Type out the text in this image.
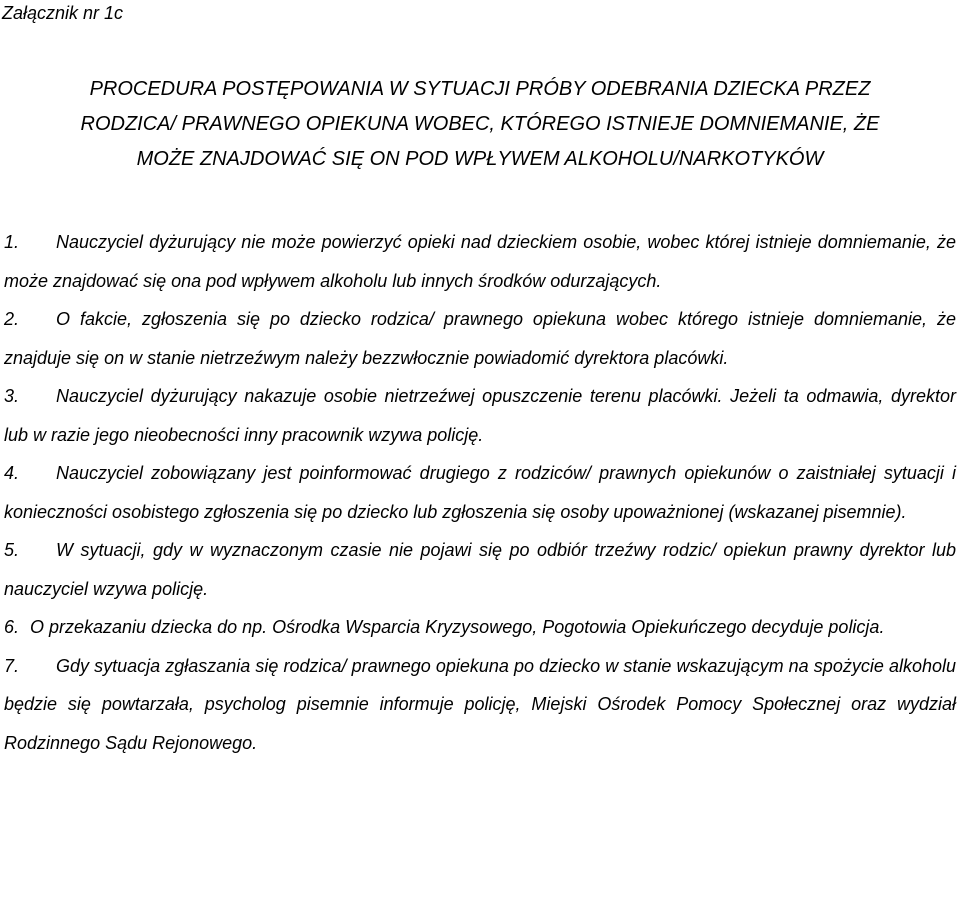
Załącznik nr 1c
PROCEDURA POSTĘPOWANIA W SYTUACJI PRÓBY ODEBRANIA DZIECKA PRZEZ
RODZICA/ PRAWNEGO OPIEKUNA WOBEC, KTÓREGO ISTNIEJE DOMNIEMANIE, ŻE
MOŻE ZNAJDOWAĆ SIĘ ON POD WPŁYWEM ALKOHOLU/NARKOTYKÓW
1. Nauczyciel dyżurujący nie może powierzyć opieki nad dzieckiem osobie, wobec której istnieje domniemanie, że może znajdować się ona pod wpływem alkoholu lub innych środków odurzających.
2. O fakcie, zgłoszenia się po dziecko rodzica/ prawnego opiekuna wobec którego istnieje domniemanie, że znajduje się on w stanie nietrzeźwym należy bezzwłocznie powiadomić dyrektora placówki.
3. Nauczyciel dyżurujący nakazuje osobie nietrzeźwej opuszczenie terenu placówki. Jeżeli ta odmawia, dyrektor lub w razie jego nieobecności inny pracownik wzywa policję.
4. Nauczyciel zobowiązany jest poinformować drugiego z rodziców/ prawnych opiekunów o zaistniałej sytuacji i konieczności osobistego zgłoszenia się po dziecko lub zgłoszenia się osoby upoważnionej (wskazanej pisemnie).
5. W sytuacji, gdy w wyznaczonym czasie nie pojawi się po odbiór trzeźwy rodzic/ opiekun prawny dyrektor lub nauczyciel wzywa policję.
6. O przekazaniu dziecka do np. Ośrodka Wsparcia Kryzysowego, Pogotowia Opiekuńczego decyduje policja.
7. Gdy sytuacja zgłaszania się rodzica/ prawnego opiekuna po dziecko w stanie wskazującym na spożycie alkoholu będzie się powtarzała, psycholog pisemnie informuje policję, Miejski Ośrodek Pomocy Społecznej oraz wydział Rodzinnego Sądu Rejonowego.
